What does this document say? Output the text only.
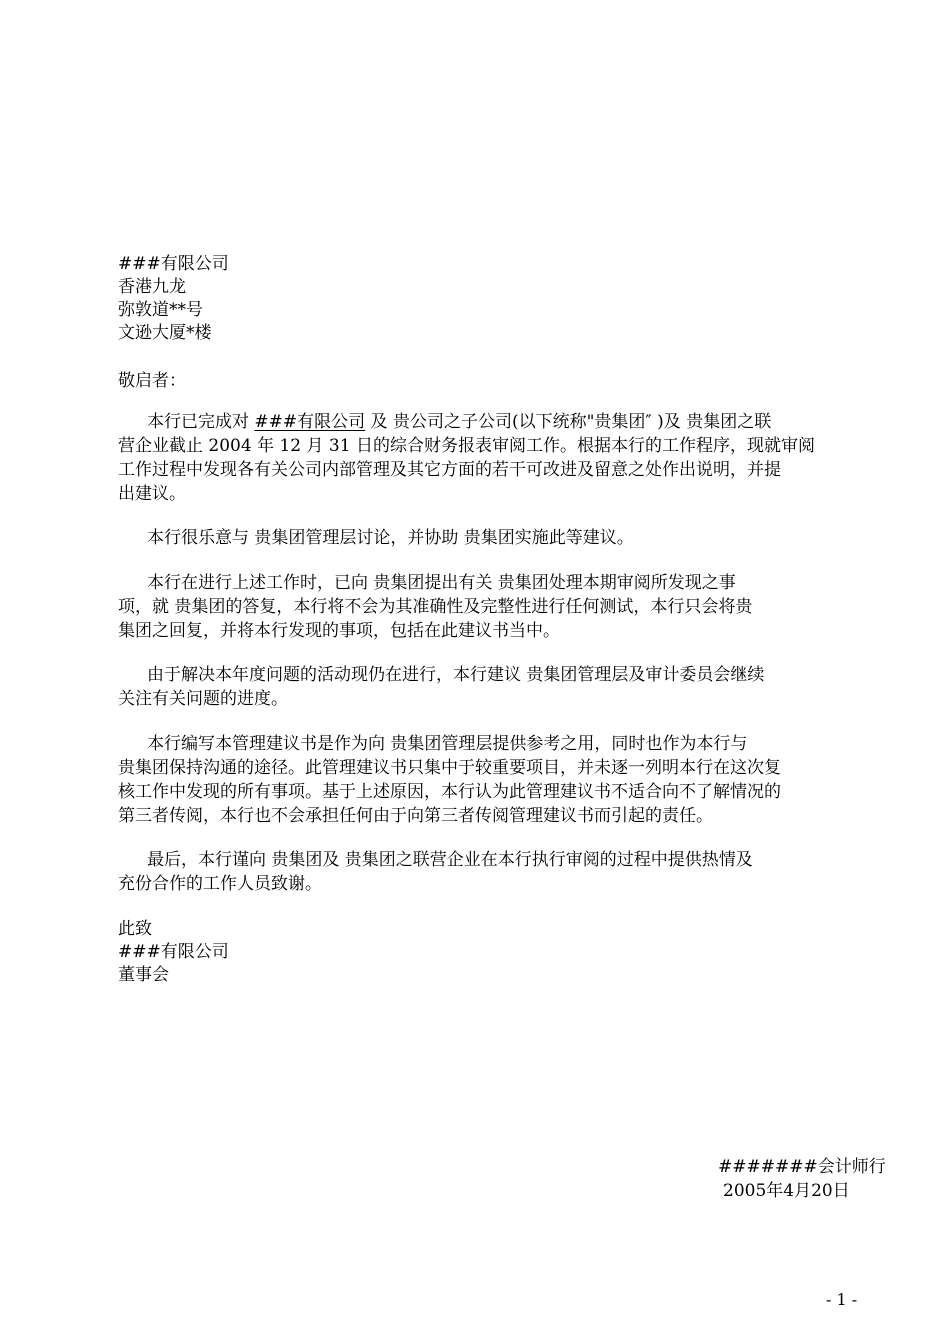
###有限公司
香港九龙
弥敦道**号
文逊大厦*楼
敬启者：
本行已完成对 ###有限公司 及 贵公司之子公司(以下统称"贵集团″ )及 贵集团之联
营企业截止 2004 年 12 月 31 日的综合财务报表审阅工作。根据本行的工作程序，现就审阅
工作过程中发现各有关公司内部管理及其它方面的若干可改进及留意之处作出说明，并提
出建议。
本行很乐意与 贵集团管理层讨论，并协助 贵集团实施此等建议。
本行在进行上述工作时，已向 贵集团提出有关 贵集团处理本期审阅所发现之事
项，就 贵集团的答复，本行将不会为其准确性及完整性进行任何测试，本行只会将贵
集团之回复，并将本行发现的事项，包括在此建议书当中。
由于解决本年度问题的活动现仍在进行，本行建议 贵集团管理层及审计委员会继续
关注有关问题的进度。
本行编写本管理建议书是作为向 贵集团管理层提供参考之用，同时也作为本行与
贵集团保持沟通的途径。此管理建议书只集中于较重要项目，并未逐一列明本行在这次复
核工作中发现的所有事项。基于上述原因，本行认为此管理建议书不适合向不了解情况的
第三者传阅，本行也不会承担任何由于向第三者传阅管理建议书而引起的责任。
最后，本行谨向 贵集团及 贵集团之联营企业在本行执行审阅的过程中提供热情及
充份合作的工作人员致谢。
此致
###有限公司
董事会
#######会计师行
2005年4月20日
- 1 -
